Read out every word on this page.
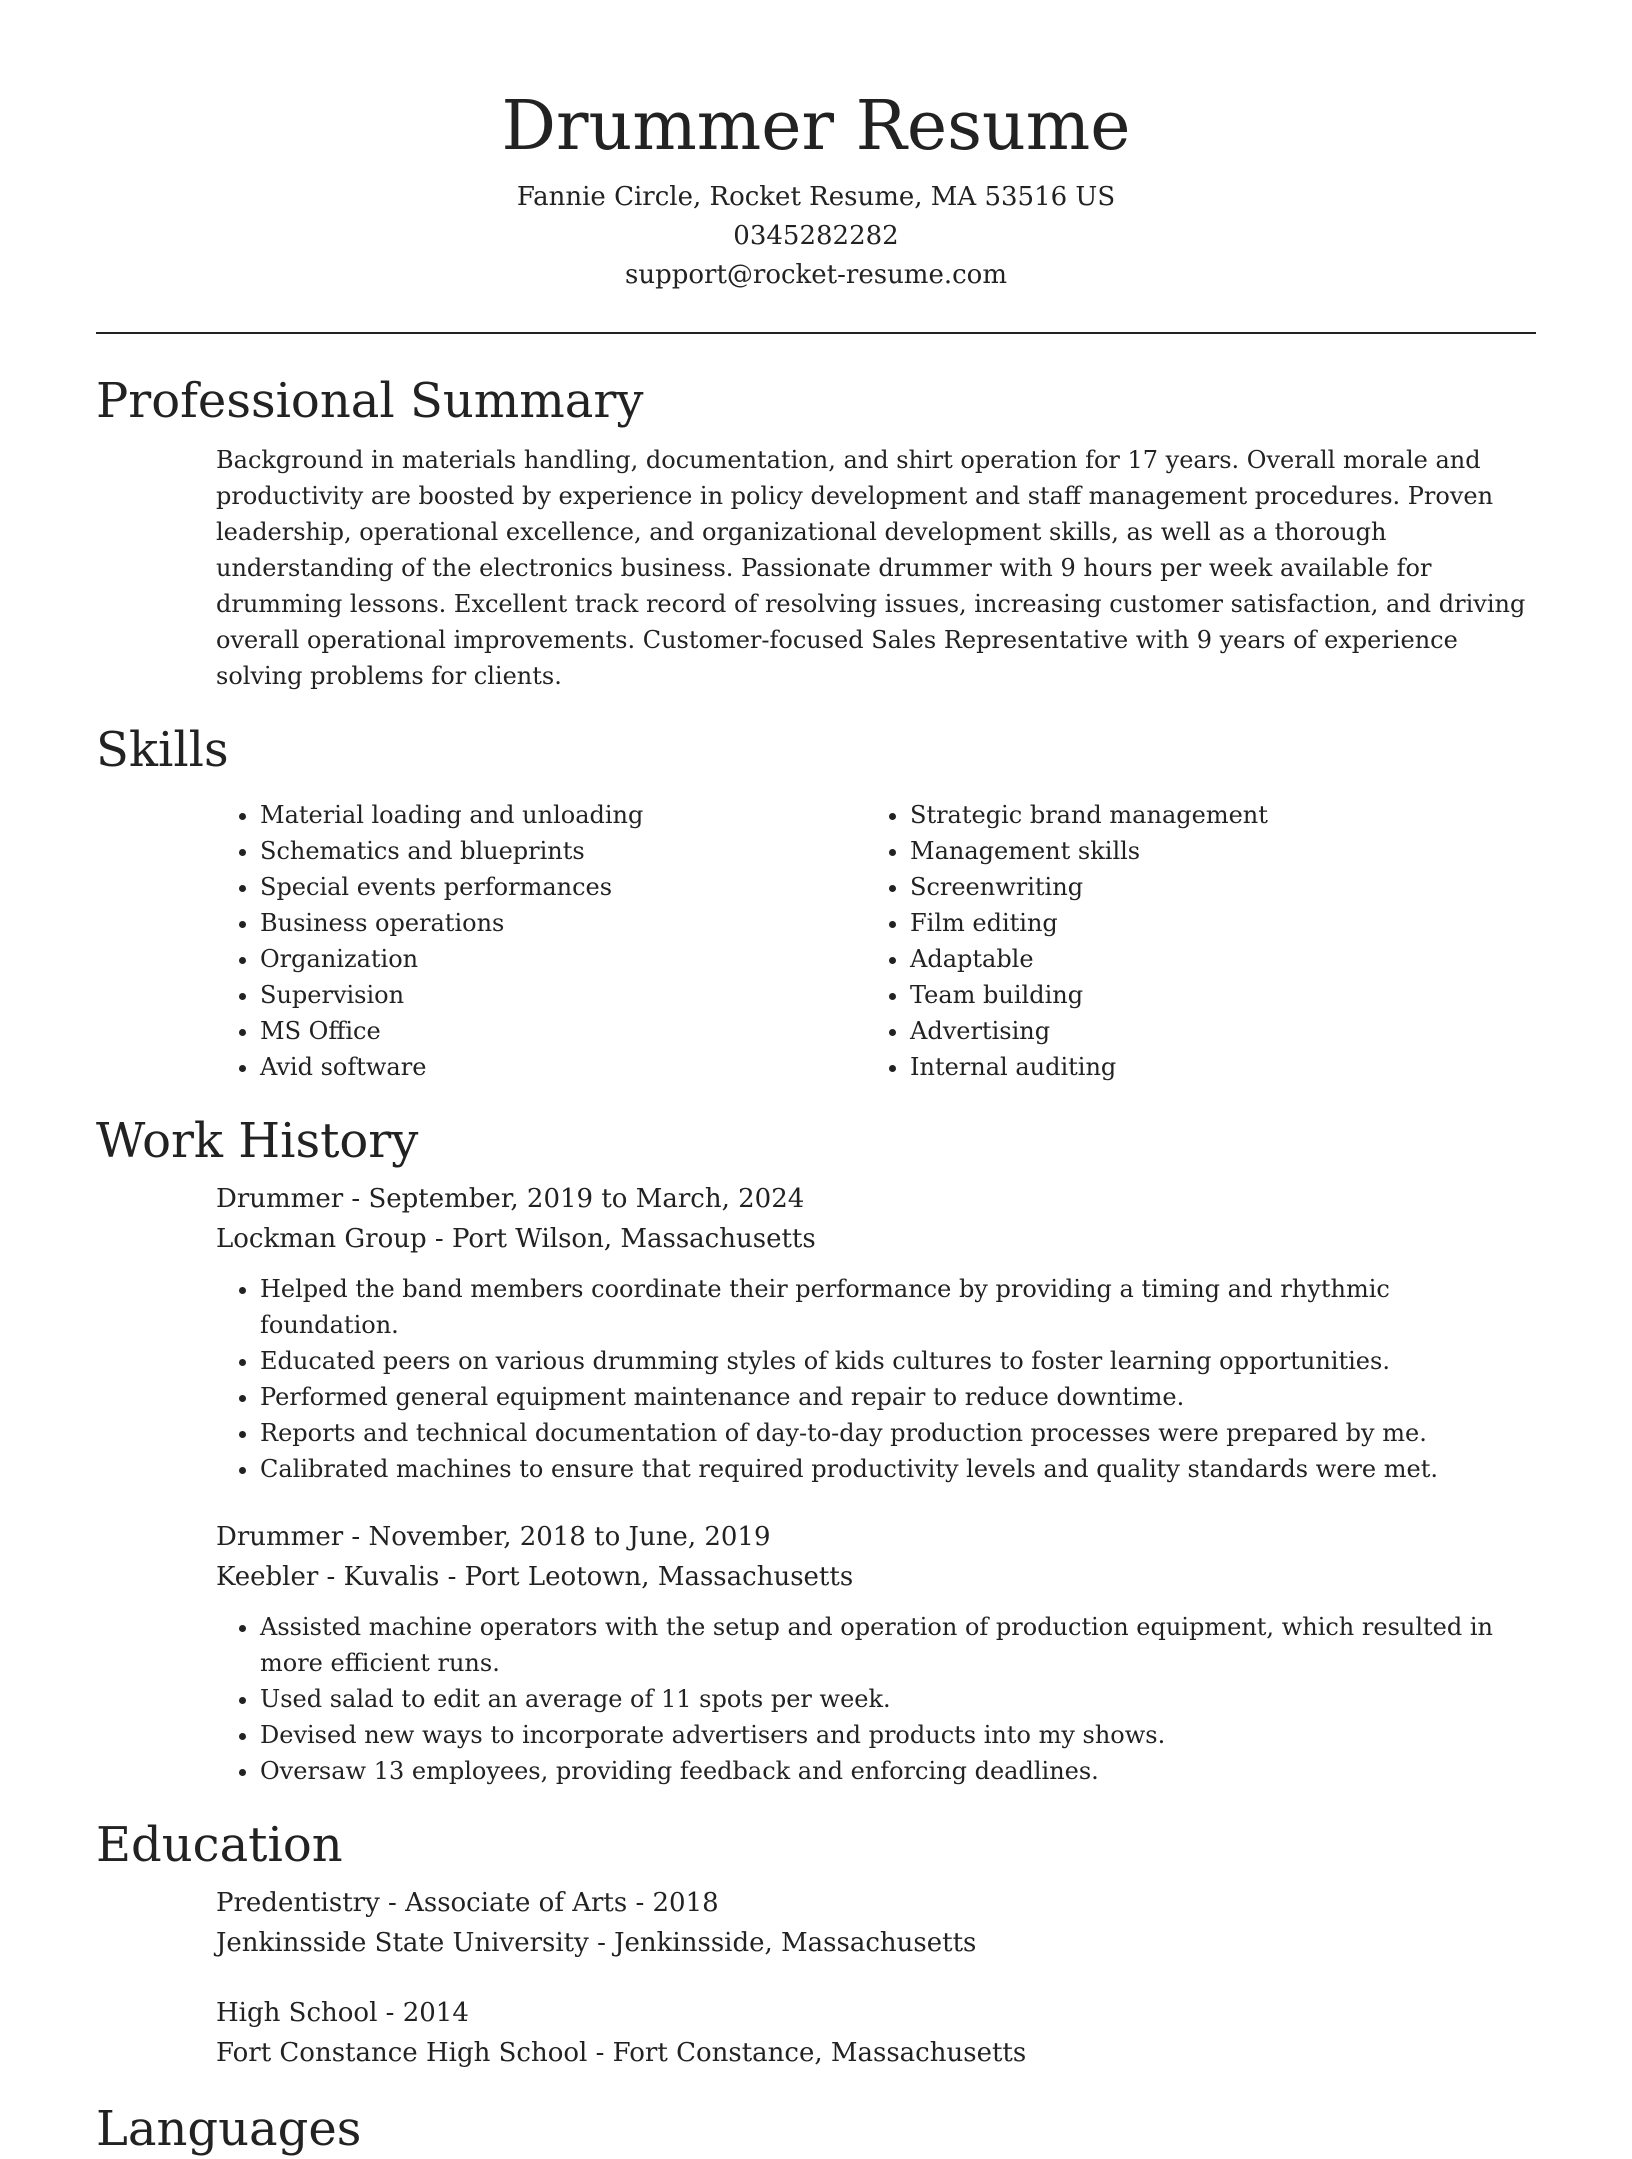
Drummer Resume
Fannie Circle, Rocket Resume, MA 53516 US
0345282282
support@rocket-resume.com
Professional Summary

Background in materials handling, documentation, and shirt operation for 17 years. Overall morale and productivity are boosted by experience in policy development and staff management procedures. Proven leadership, operational excellence, and organizational development skills, as well as a thorough understanding of the electronics business. Passionate drummer with 9 hours per week available for drumming lessons. Excellent track record of resolving issues, increasing customer satisfaction, and driving overall operational improvements. Customer-focused Sales Representative with 9 years of experience solving problems for clients.

Skills
• Material loading and unloading
• Schematics and blueprints
• Special events performances
• Business operations
• Organization
• Supervision
• MS Office
• Avid software
• Strategic brand management
• Management skills
• Screenwriting
• Film editing
• Adaptable
• Team building
• Advertising
• Internal auditing
Work History
Drummer - September, 2019 to March, 2024
Lockman Group - Port Wilson, Massachusetts
• Helped the band members coordinate their performance by providing a timing and rhythmic foundation.
• Educated peers on various drumming styles of kids cultures to foster learning opportunities.
• Performed general equipment maintenance and repair to reduce downtime.
• Reports and technical documentation of day-to-day production processes were prepared by me.
• Calibrated machines to ensure that required productivity levels and quality standards were met.
Drummer - November, 2018 to June, 2019
Keebler - Kuvalis - Port Leotown, Massachusetts
• Assisted machine operators with the setup and operation of production equipment, which resulted in more efficient runs.
• Used salad to edit an average of 11 spots per week.
• Devised new ways to incorporate advertisers and products into my shows.
• Oversaw 13 employees, providing feedback and enforcing deadlines.
Education
Predentistry - Associate of Arts - 2018
Jenkinsside State University - Jenkinsside, Massachusetts
High School - 2014
Fort Constance High School - Fort Constance, Massachusetts
Languages
